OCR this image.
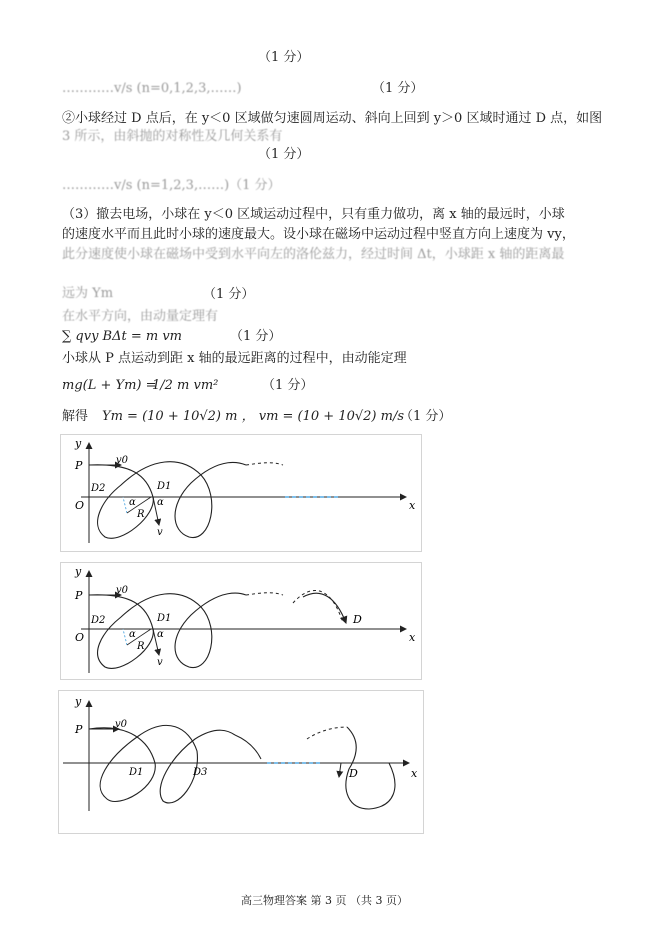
（1 分）
…………v/s (n=0,1,2,3,……)	（1 分）
②小球经过 D 点后，在 y＜0 区域做匀速圆周运动、斜向上回到 y＞0 区域时通过 D 点，如图
3 所示，由斜抛的对称性及几何关系有
（1 分）
…………v/s (n=1,2,3,……)（1 分）
（3）撤去电场，小球在 y＜0 区域运动过程中，只有重力做功，离 x 轴的最远时，小球
的速度水平而且此时小球的速度最大。设小球在磁场中运动过程中竖直方向上速度为 vy，
此分速度使小球在磁场中受到水平向左的洛伦兹力，经过时间 Δt，小球距 x 轴的距离最
远为 Ym	（1 分）
在水平方向，由动量定理有
∑ qvy BΔt = m vm	（1 分）
小球从 P 点运动到距 x 轴的最远距离的过程中，由动能定理
mg(L + Ym) =
1/2 m vm²	（1 分）
解得 Ym = (10 + 10√2) m ， vm = (10 + 10√2) m/s
（1 分）
y
P	v0
D2	D1
O	α α
R
v
x
y
P	v0
D2	D1
O	α α
R
v
D
x
y
P	v0
D1	D3	D	x
高三物理答案 第 3 页 （共 3 页）
